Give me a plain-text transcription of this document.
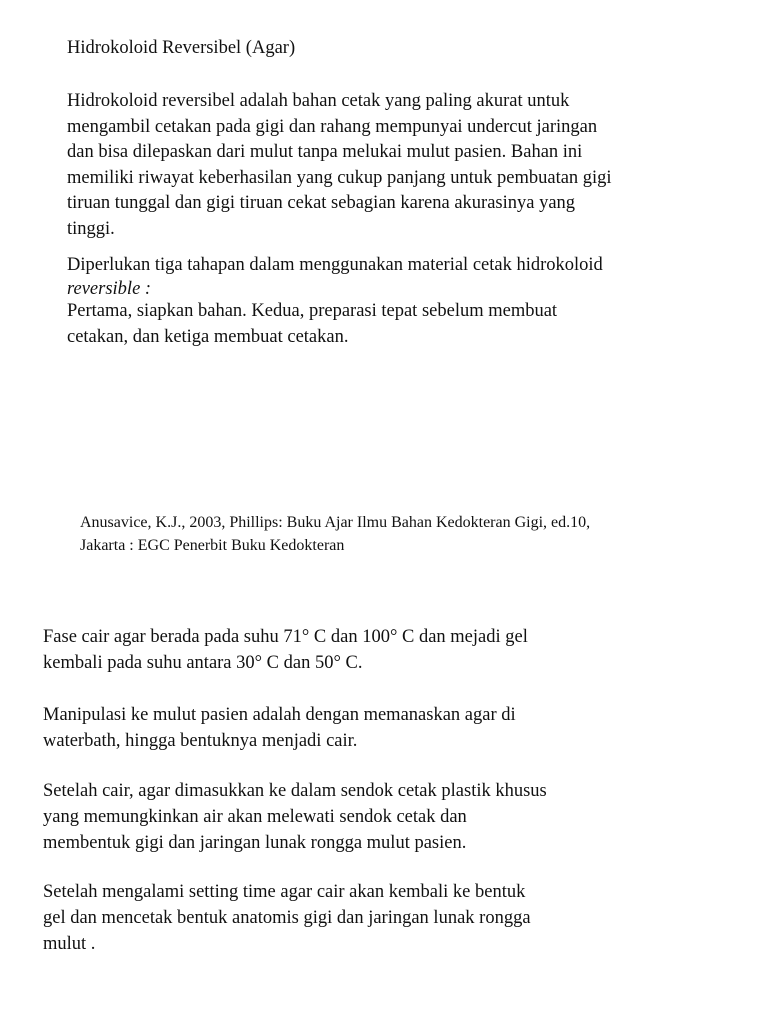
Hidrokoloid Reversibel (Agar)

Hidrokoloid reversibel adalah bahan cetak yang paling akurat untuk
mengambil cetakan pada gigi dan rahang mempunyai undercut jaringan
dan bisa dilepaskan dari mulut tanpa melukai mulut pasien. Bahan ini
memiliki riwayat keberhasilan yang cukup panjang untuk pembuatan gigi
tiruan tunggal dan gigi tiruan cekat sebagian karena akurasinya yang
tinggi.

Diperlukan tiga tahapan dalam menggunakan material cetak hidrokoloid

reversible :

Pertama, siapkan bahan. Kedua, preparasi tepat sebelum membuat
cetakan, dan ketiga membuat cetakan.

Anusavice, K.J., 2003, Phillips: Buku Ajar Ilmu Bahan Kedokteran Gigi, ed.10,
Jakarta : EGC Penerbit Buku Kedokteran

Fase cair agar berada pada suhu 71° C dan 100° C dan mejadi gel
kembali pada suhu antara 30° C dan 50° C.

Manipulasi ke mulut pasien adalah dengan memanaskan agar di
waterbath, hingga bentuknya menjadi cair.

Setelah cair, agar dimasukkan ke dalam sendok cetak plastik khusus
yang memungkinkan air akan melewati sendok cetak dan
membentuk gigi dan jaringan lunak rongga mulut pasien.

Setelah mengalami setting time agar cair akan kembali ke bentuk
gel dan mencetak bentuk anatomis gigi dan jaringan lunak rongga
mulut .
